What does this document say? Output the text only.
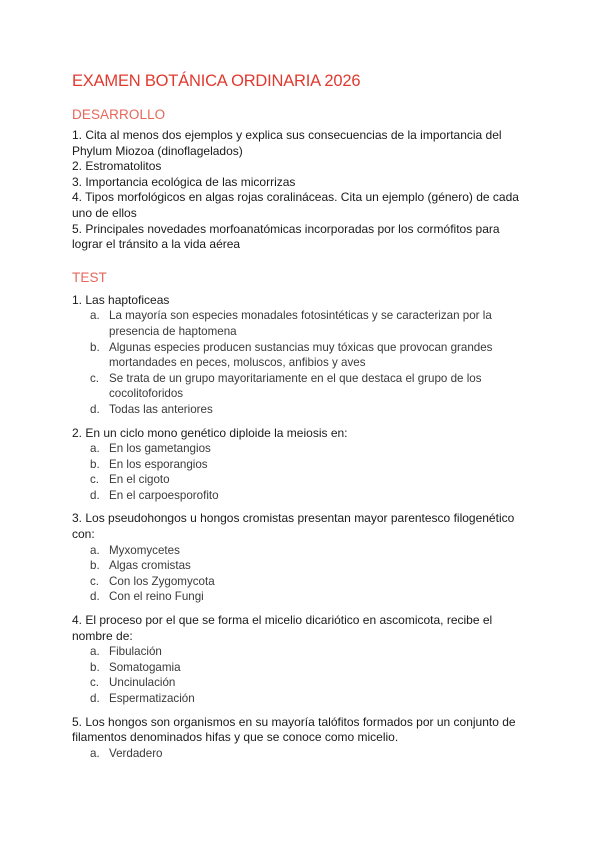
EXAMEN BOTÁNICA ORDINARIA 2026
DESARROLLO
1. Cita al menos dos ejemplos y explica sus consecuencias de la importancia del Phylum Miozoa (dinoflagelados)
2. Estromatolitos
3. Importancia ecológica de las micorrizas
4. Tipos morfológicos en algas rojas coralináceas. Cita un ejemplo (género) de cada uno de ellos
5. Principales novedades morfoanatómicas incorporadas por los cormófitos para lograr el tránsito a la vida aérea
TEST
1. Las haptoficeas
a. La mayoría son especies monadales fotosintéticas y se caracterizan por la presencia de haptomena
b. Algunas especies producen sustancias muy tóxicas que provocan grandes mortandades en peces, moluscos, anfibios y aves
c. Se trata de un grupo mayoritariamente en el que destaca el grupo de los cocolitoforidos
d. Todas las anteriores
2. En un ciclo mono genético diploide la meiosis en:
a. En los gametangios
b. En los esporangios
c. En el cigoto
d. En el carpoesporofito
3. Los pseudohongos u hongos cromistas presentan mayor parentesco filogenético con:
a. Myxomycetes
b. Algas cromistas
c. Con los Zygomycota
d. Con el reino Fungi
4. El proceso por el que se forma el micelio dicariótico en ascomicota, recibe el nombre de:
a. Fibulación
b. Somatogamia
c. Uncinulación
d. Espermatización
5. Los hongos son organismos en su mayoría talófitos formados por un conjunto de filamentos denominados hifas y que se conoce como micelio.
a. Verdadero
